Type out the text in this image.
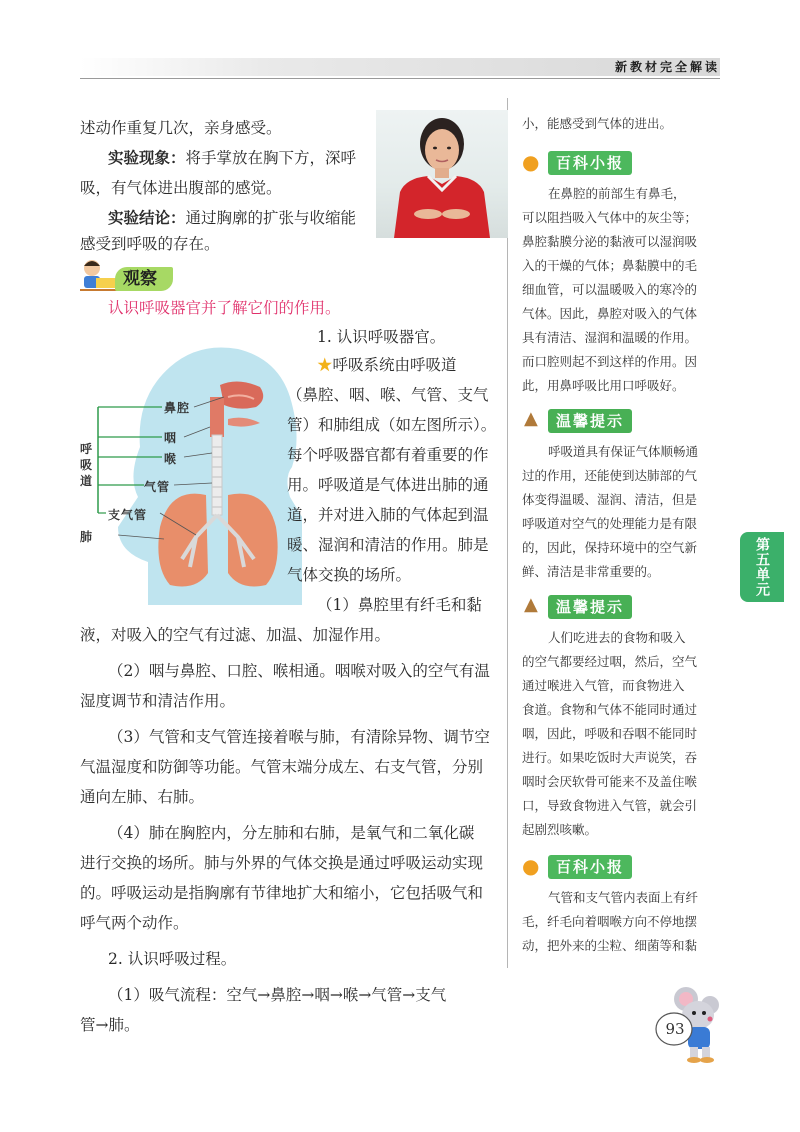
新教材完全解读
述动作重复几次，亲身感受。
实验现象：将手掌放在胸下方，深呼
吸，有气体进出腹部的感觉。
实验结论：通过胸廓的扩张与收缩能
感受到呼吸的存在。
观察
认识呼吸器官并了解它们的作用。
鼻腔
咽
喉
气管
支气管
肺
呼
吸
道
1. 认识呼吸器官。
★呼吸系统由呼吸道
（鼻腔、咽、喉、气管、支气
管）和肺组成（如左图所示）。
每个呼吸器官都有着重要的作
用。呼吸道是气体进出肺的通
道，并对进入肺的气体起到温
暖、湿润和清洁的作用。肺是
气体交换的场所。
（1）鼻腔里有纤毛和黏
液，对吸入的空气有过滤、加温、加湿作用。
（2）咽与鼻腔、口腔、喉相通。咽喉对吸入的空气有温
湿度调节和清洁作用。
（3）气管和支气管连接着喉与肺，有清除异物、调节空
气温湿度和防御等功能。气管末端分成左、右支气管，分别
通向左肺、右肺。
（4）肺在胸腔内，分左肺和右肺，是氧气和二氧化碳
进行交换的场所。肺与外界的气体交换是通过呼吸运动实现
的。呼吸运动是指胸廓有节律地扩大和缩小，它包括吸气和
呼气两个动作。
2. 认识呼吸过程。
（1）吸气流程：空气→鼻腔→咽→喉→气管→支气
管→肺。
小，能感受到气体的进出。
●	百科小报
在鼻腔的前部生有鼻毛，
可以阻挡吸入气体中的灰尘等；
鼻腔黏膜分泌的黏液可以湿润吸
入的干燥的气体；鼻黏膜中的毛
细血管，可以温暖吸入的寒冷的
气体。因此，鼻腔对吸入的气体
具有清洁、湿润和温暖的作用。
而口腔则起不到这样的作用。因
此，用鼻呼吸比用口呼吸好。
▲	温馨提示
呼吸道具有保证气体顺畅通
过的作用，还能使到达肺部的气
体变得温暖、湿润、清洁，但是
呼吸道对空气的处理能力是有限
的，因此，保持环境中的空气新
鲜、清洁是非常重要的。
▲	温馨提示
人们吃进去的食物和吸入
的空气都要经过咽，然后，空气
通过喉进入气管，而食物进入
食道。食物和气体不能同时通过
咽，因此，呼吸和吞咽不能同时
进行。如果吃饭时大声说笑，吞
咽时会厌软骨可能来不及盖住喉
口，导致食物进入气管，就会引
起剧烈咳嗽。
●	百科小报
气管和支气管内表面上有纤
毛，纤毛向着咽喉方向不停地摆
动，把外来的尘粒、细菌等和黏
第五单元
93
